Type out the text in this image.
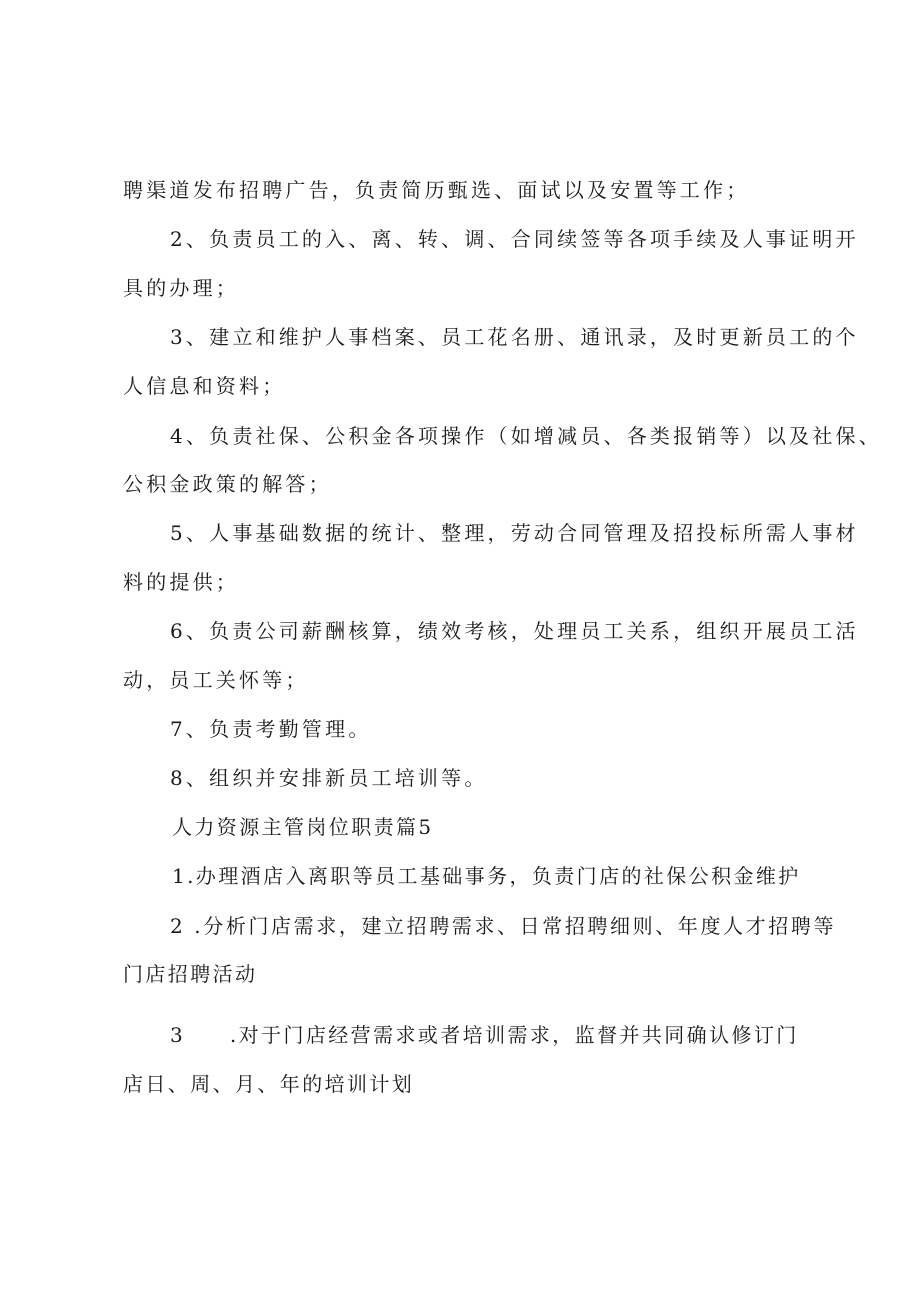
聘渠道发布招聘广告，负责简历甄选、面试以及安置等工作；
2、负责员工的入、离、转、调、合同续签等各项手续及人事证明开
具的办理；
3、建立和维护人事档案、员工花名册、通讯录，及时更新员工的个
人信息和资料；
4、负责社保、公积金各项操作（如增减员、各类报销等）以及社保、
公积金政策的解答；
5、人事基础数据的统计、整理，劳动合同管理及招投标所需人事材
料的提供；
6、负责公司薪酬核算，绩效考核，处理员工关系，组织开展员工活
动，员工关怀等；
7、负责考勤管理。
8、组织并安排新员工培训等。
人力资源主管岗位职责篇5
1.办理酒店入离职等员工基础事务，负责门店的社保公积金维护
2 .分析门店需求，建立招聘需求、日常招聘细则、年度人才招聘等
门店招聘活动
3　　.对于门店经营需求或者培训需求，监督并共同确认修订门
店日、周、月、年的培训计划
